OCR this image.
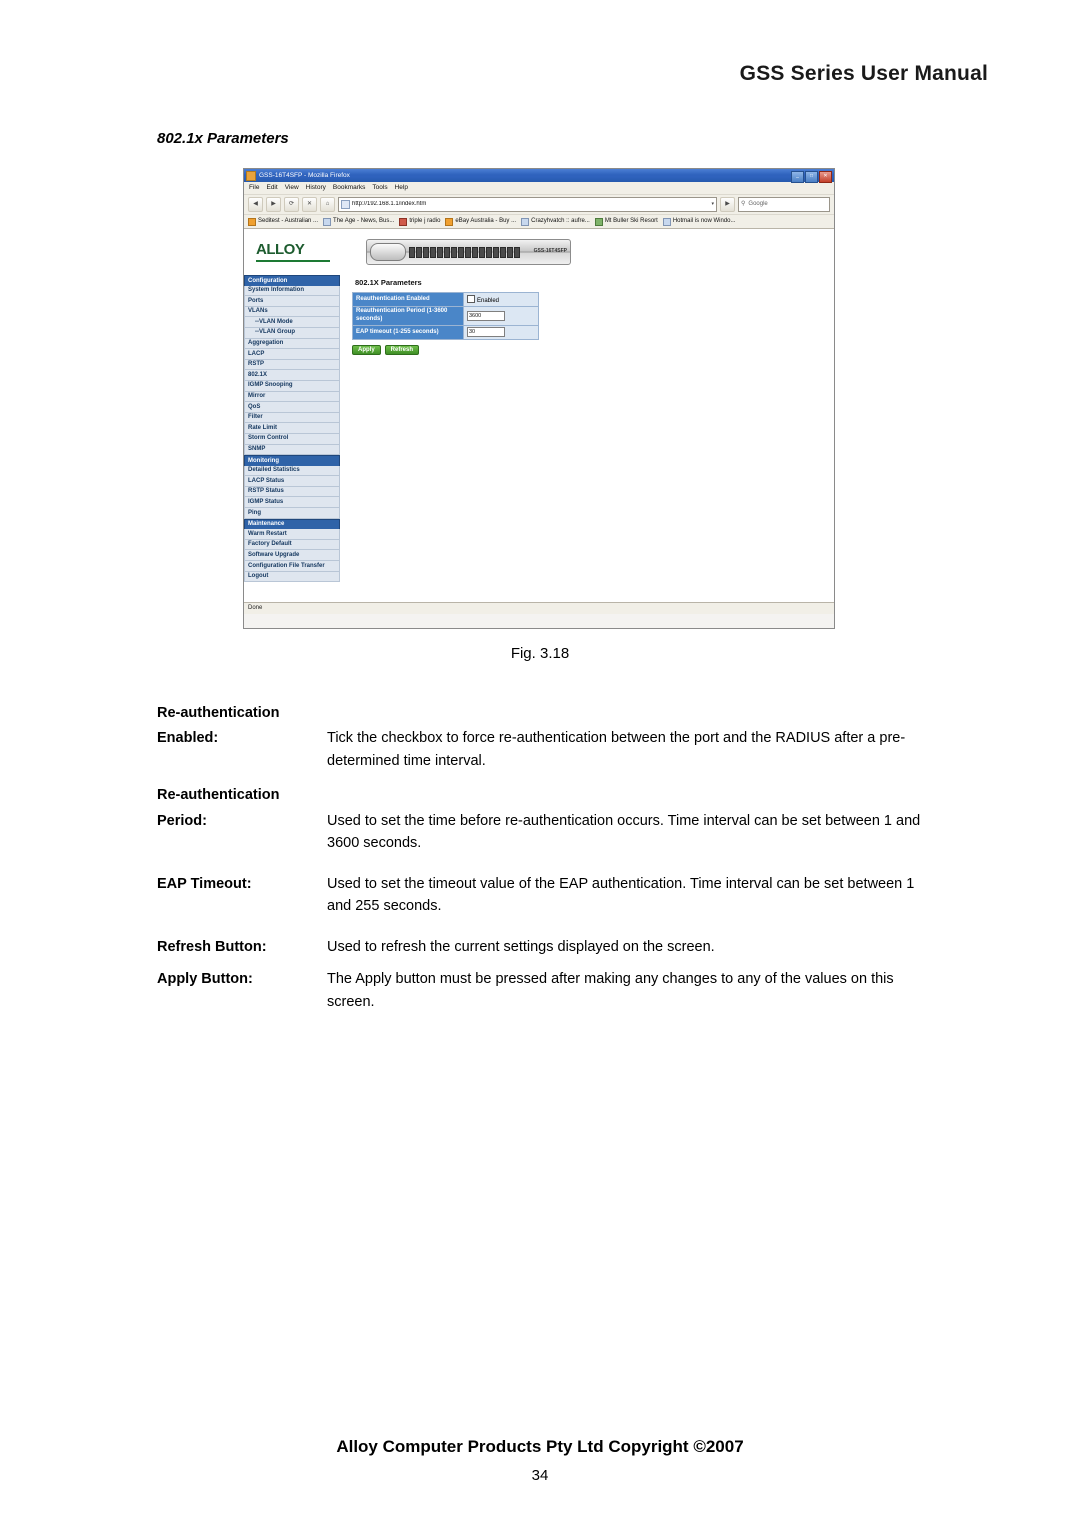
GSS Series User Manual
802.1x Parameters
GSS-16T4SFP - Mozilla Firefox	_	□	✕
File Edit View History Bookmarks Tools Help
◀	▶	⟳	✕	⌂	http://192.168.1.1/index.htm	▾	▶	⚲ Google
Seditest - Australian ...	The Age - News, Bus...	triple j radio	eBay Australia - Buy ...	Crazyhvatch :: aufre...	Mt Buller Ski Resort	Hotmail is now Windo...
ALLOY	GSS-16T4SFP
Configuration
System Information
Ports
VLANs
--VLAN Mode
--VLAN Group
Aggregation
LACP
RSTP
802.1X
IGMP Snooping
Mirror
QoS
Filter
Rate Limit
Storm Control
SNMP
Monitoring
Detailed Statistics
LACP Status
RSTP Status
IGMP Status
Ping
Maintenance
Warm Restart
Factory Default
Software Upgrade
Configuration File Transfer
Logout
802.1X Parameters
Reauthentication Enabled	Enabled
Reauthentication Period (1-3600 seconds)	3600
EAP timeout (1-255 seconds)	30
Apply	Refresh
Done
Fig. 3.18
Re-authentication
Enabled:	Tick the checkbox to force re-authentication between the port and the RADIUS after a pre-determined time interval.
Re-authentication
Period:	Used to set the time before re-authentication occurs. Time interval can be set between 1 and 3600 seconds.
EAP Timeout:	Used to set the timeout value of the EAP authentication. Time interval can be set between 1 and 255 seconds.
Refresh Button:	Used to refresh the current settings displayed on the screen.
Apply Button:	The Apply button must be pressed after making any changes to any of the values on this screen.
Alloy Computer Products Pty Ltd Copyright ©2007
34
